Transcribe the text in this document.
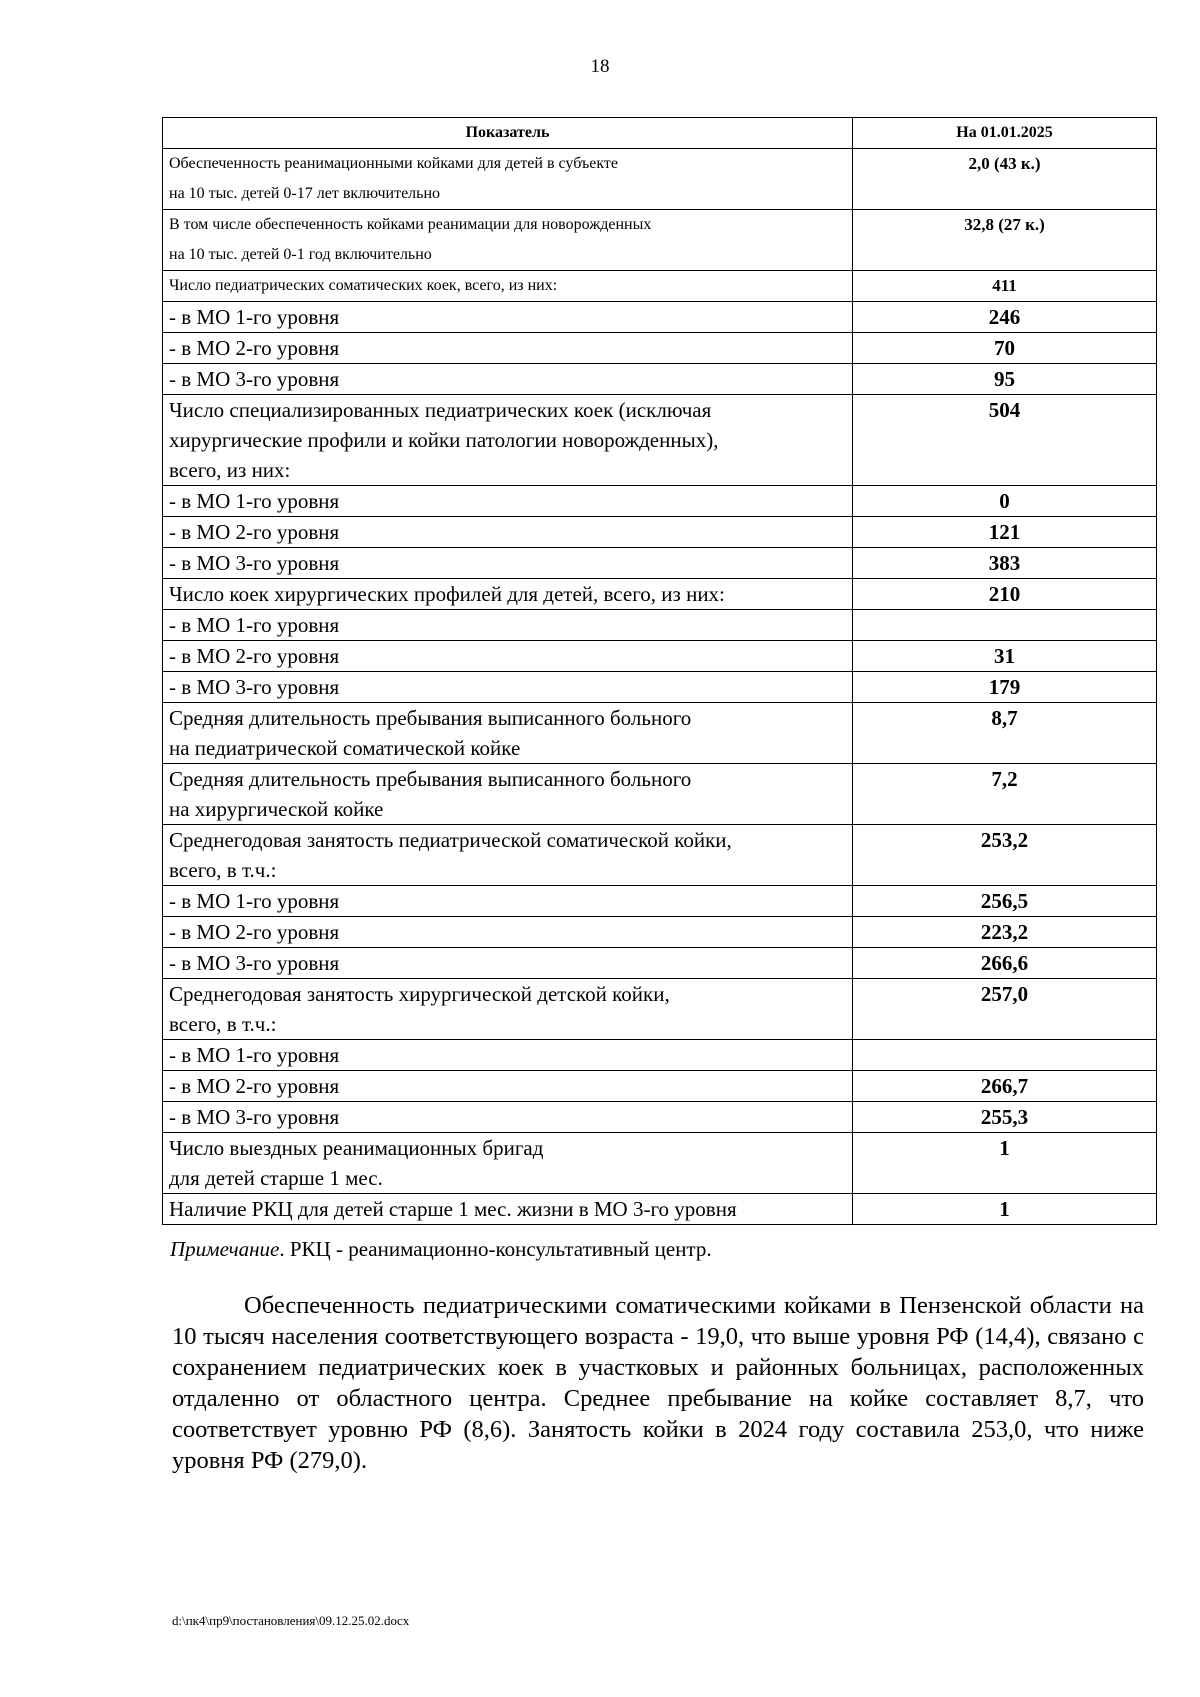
18
Показатель	На 01.01.2025
Обеспеченность реанимационными койками для детей в субъекте
на 10 тыс. детей 0-17 лет включительно	2,0 (43 к.)
В том числе обеспеченность койками реанимации для новорожденных
на 10 тыс. детей 0-1 год включительно	32,8 (27 к.)
Число педиатрических соматических коек, всего, из них:	411
- в МО 1-го уровня	246
- в МО 2-го уровня	70
- в МО 3-го уровня	95
Число специализированных педиатрических коек (исключая
хирургические профили и койки патологии новорожденных),
всего, из них:	504
- в МО 1-го уровня	0
- в МО 2-го уровня	121
- в МО 3-го уровня	383
Число коек хирургических профилей для детей, всего, из них:	210
- в МО 1-го уровня	
- в МО 2-го уровня	31
- в МО 3-го уровня	179
Средняя длительность пребывания выписанного больного
на педиатрической соматической койке	8,7
Средняя длительность пребывания выписанного больного
на хирургической койке	7,2
Среднегодовая занятость педиатрической соматической койки,
всего, в т.ч.:	253,2
- в МО 1-го уровня	256,5
- в МО 2-го уровня	223,2
- в МО 3-го уровня	266,6
Среднегодовая занятость хирургической детской койки,
всего, в т.ч.:	257,0
- в МО 1-го уровня	
- в МО 2-го уровня	266,7
- в МО 3-го уровня	255,3
Число выездных реанимационных бригад
для детей старше 1 мес.	1
Наличие РКЦ для детей старше 1 мес. жизни в МО 3-го уровня	1
Примечание. РКЦ - реанимационно-консультативный центр.

Обеспеченность педиатрическими соматическими койками в Пензенской области на 10 тысяч населения соответствующего возраста - 19,0, что выше уровня РФ (14,4), связано с сохранением педиатрических коек в участковых и районных больницах, расположенных отдаленно от областного центра. Среднее пребывание на койке составляет 8,7, что соответствует уровню РФ (8,6). Занятость койки в 2024 году составила 253,0, что ниже уровня РФ (279,0).

d:\пк4\пр9\постановления\09.12.25.02.docx
